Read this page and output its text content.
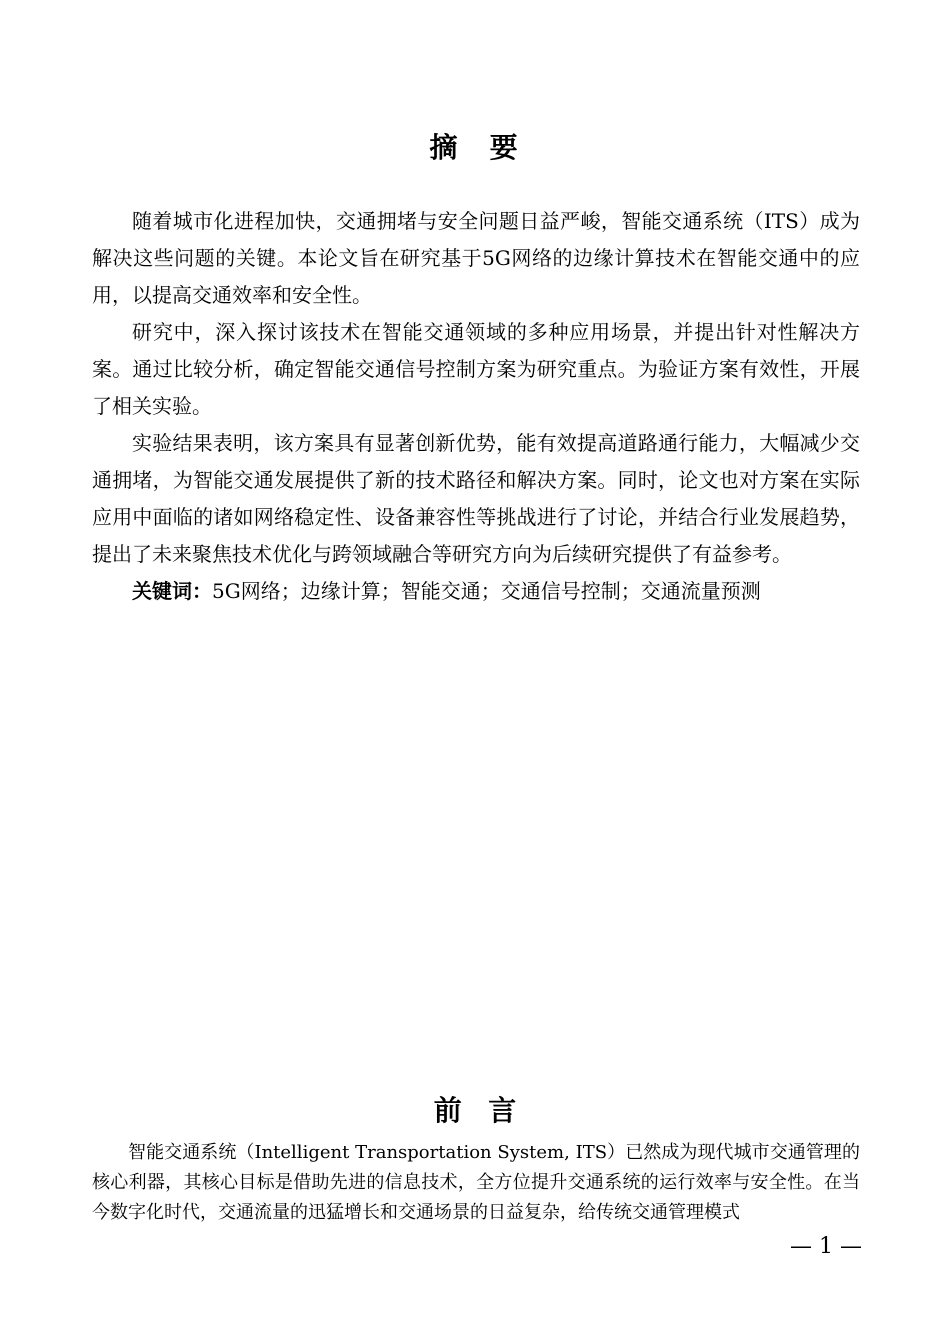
摘 要

随着城市化进程加快，交通拥堵与安全问题日益严峻，智能交通系统（ITS）成为解决这些问题的关键。本论文旨在研究基于5G网络的边缘计算技术在智能交通中的应用，以提高交通效率和安全性。

研究中，深入探讨该技术在智能交通领域的多种应用场景，并提出针对性解决方案。通过比较分析，确定智能交通信号控制方案为研究重点。为验证方案有效性，开展了相关实验。

实验结果表明，该方案具有显著创新优势，能有效提高道路通行能力，大幅减少交通拥堵，为智能交通发展提供了新的技术路径和解决方案。同时，论文也对方案在实际应用中面临的诸如网络稳定性、设备兼容性等挑战进行了讨论，并结合行业发展趋势，提出了未来聚焦技术优化与跨领域融合等研究方向为后续研究提供了有益参考。

关键词：5G网络；边缘计算；智能交通；交通信号控制；交通流量预测

前 言

智能交通系统（Intelligent Transportation System, ITS）已然成为现代城市交通管理的核心利器，其核心目标是借助先进的信息技术，全方位提升交通系统的运行效率与安全性。在当今数字化时代，交通流量的迅猛增长和交通场景的日益复杂，给传统交通管理模式

— 1 —
